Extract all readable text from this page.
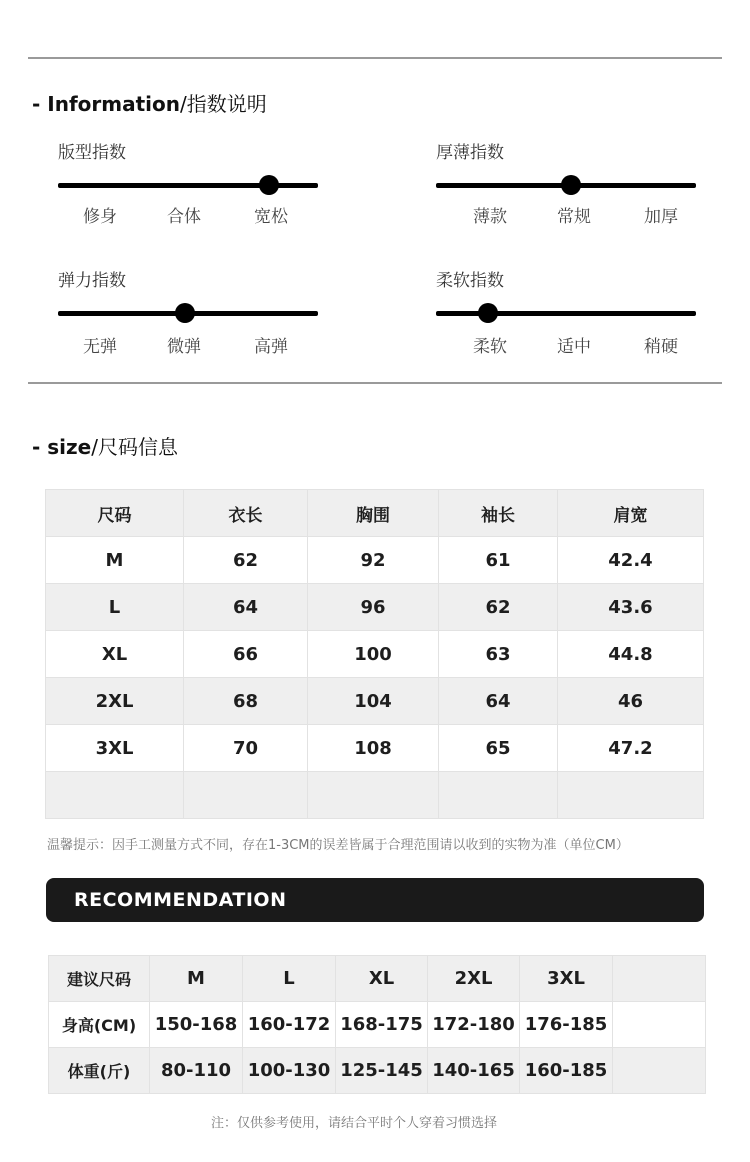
- Information/指数说明
版型指数
修身	合体	宽松
厚薄指数
薄款	常规	加厚
弹力指数
无弹	微弹	高弹
柔软指数
柔软	适中	稍硬
- size/尺码信息
尺码	衣长	胸围	袖长	肩宽
M	62	92	61	42.4
L	64	96	62	43.6
XL	66	100	63	44.8
2XL	68	104	64	46
3XL	70	108	65	47.2

温馨提示：因手工测量方式不同，存在1-3CM的误差皆属于合理范围请以收到的实物为准（单位CM）
RECOMMENDATION
建议尺码	M	L	XL	2XL	3XL	
身高(CM)	150-168	160-172	168-175	172-180	176-185	
体重(斤)	80-110	100-130	125-145	140-165	160-185	
注：仅供参考使用，请结合平时个人穿着习惯选择
